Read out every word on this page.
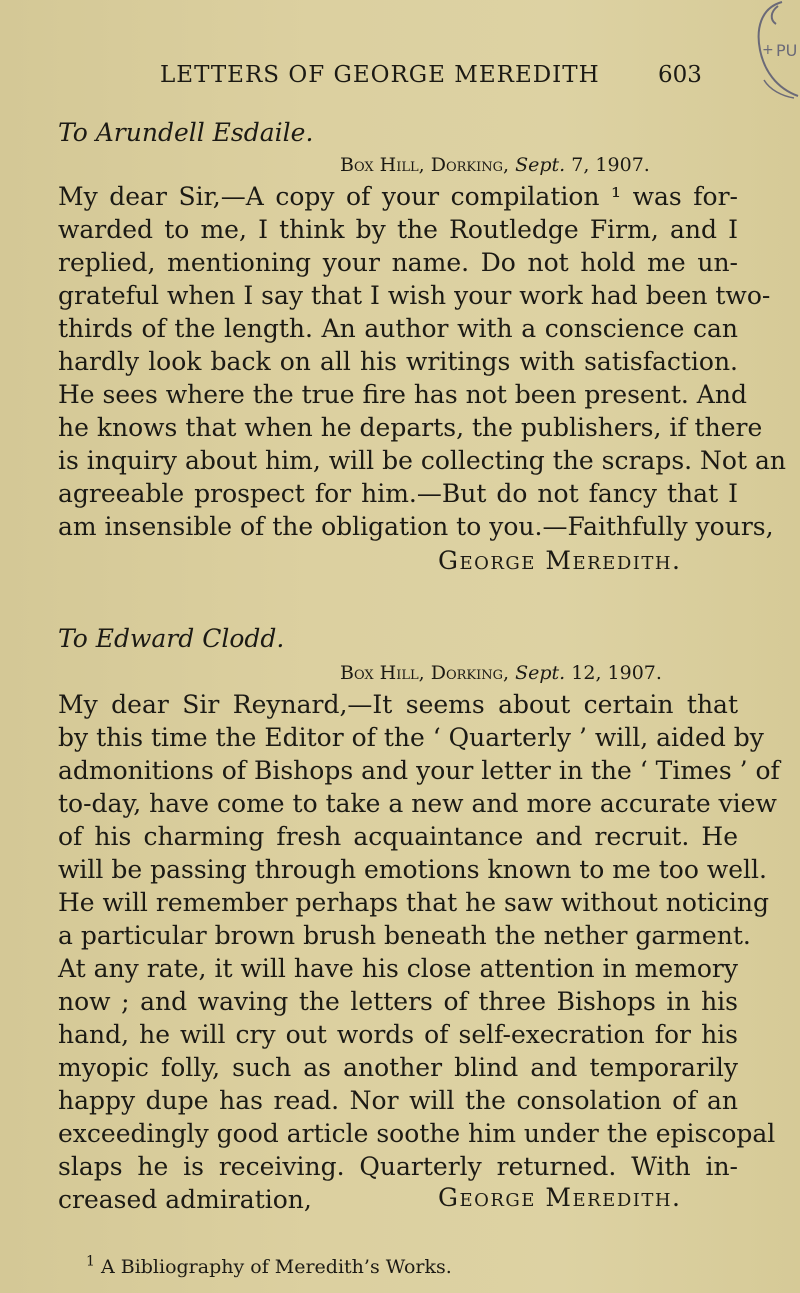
LETTERS OF GEORGE MEREDITH	603
+ PU
To Arundell Esdaile.
Box Hill, Dorking, Sept. 7, 1907.
My dear Sir,—A copy of your compilation ¹ was for-
warded to me, I think by the Routledge Firm, and I
replied, mentioning your name. Do not hold me un-
grateful when I say that I wish your work had been two-
thirds of the length. An author with a conscience can
hardly look back on all his writings with satisfaction.
He sees where the true fire has not been present. And
he knows that when he departs, the publishers, if there
is inquiry about him, will be collecting the scraps. Not an
agreeable prospect for him.—But do not fancy that I
am insensible of the obligation to you.—Faithfully yours,
George Meredith.
To Edward Clodd.
Box Hill, Dorking, Sept. 12, 1907.
My dear Sir Reynard,—It seems about certain that
by this time the Editor of the ‘ Quarterly ’ will, aided by
admonitions of Bishops and your letter in the ‘ Times ’ of
to-day, have come to take a new and more accurate view
of his charming fresh acquaintance and recruit. He
will be passing through emotions known to me too well.
He will remember perhaps that he saw without noticing
a particular brown brush beneath the nether garment.
At any rate, it will have his close attention in memory
now ; and waving the letters of three Bishops in his
hand, he will cry out words of self-execration for his
myopic folly, such as another blind and temporarily
happy dupe has read. Nor will the consolation of an
exceedingly good article soothe him under the episcopal
slaps he is receiving. Quarterly returned. With in-
creased admiration,	George Meredith.
$^1$ A Bibliography of Meredith’s Works.
